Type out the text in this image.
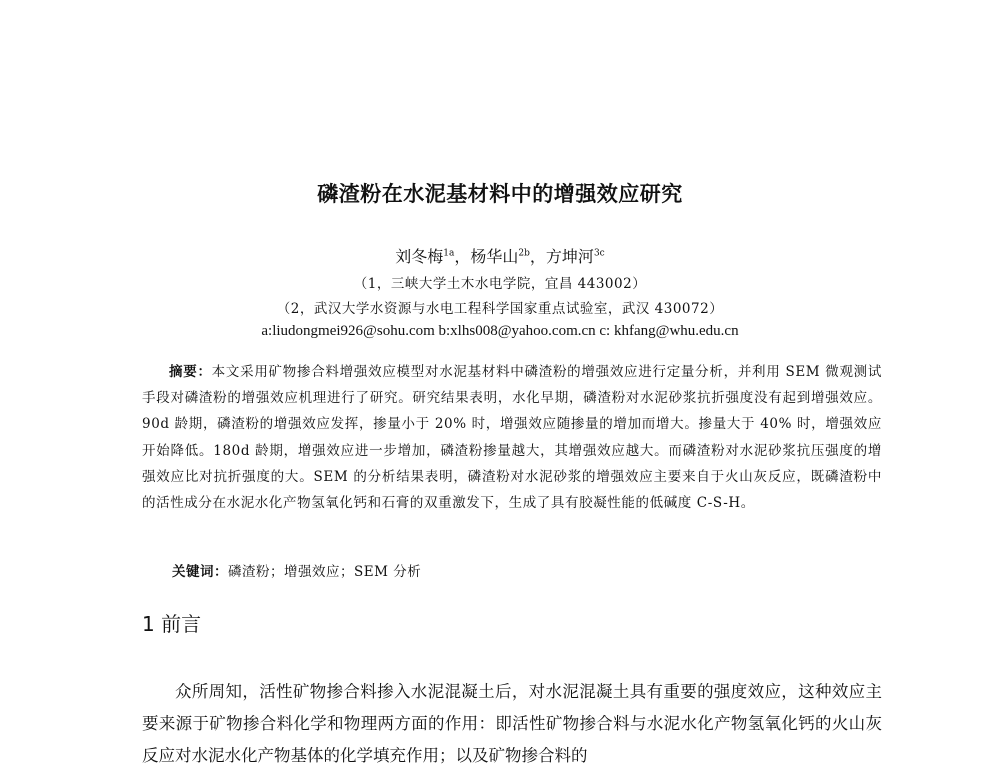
磷渣粉在水泥基材料中的增强效应研究
刘冬梅$^{1a}$，杨华山$^{2b}$，方坤河$^{3c}$
（1，三峡大学土木水电学院，宜昌 443002）
（2，武汉大学水资源与水电工程科学国家重点试验室，武汉 430072）
a:liudongmei926@sohu.com b:xlhs008@yahoo.com.cn c: khfang@whu.edu.cn
摘要：本文采用矿物掺合料增强效应模型对水泥基材料中磷渣粉的增强效应进行定量分析，并利用 SEM 微观测试手段对磷渣粉的增强效应机理进行了研究。研究结果表明，水化早期，磷渣粉对水泥砂浆抗折强度没有起到增强效应。90d 龄期，磷渣粉的增强效应发挥，掺量小于 20% 时，增强效应随掺量的增加而增大。掺量大于 40% 时，增强效应开始降低。180d 龄期，增强效应进一步增加，磷渣粉掺量越大，其增强效应越大。而磷渣粉对水泥砂浆抗压强度的增强效应比对抗折强度的大。SEM 的分析结果表明，磷渣粉对水泥砂浆的增强效应主要来自于火山灰反应，既磷渣粉中的活性成分在水泥水化产物氢氧化钙和石膏的双重激发下，生成了具有胶凝性能的低碱度 C-S-H。
关键词：磷渣粉；增强效应；SEM 分析
1 前言
众所周知，活性矿物掺合料掺入水泥混凝土后，对水泥混凝土具有重要的强度效应，这种效应主要来源于矿物掺合料化学和物理两方面的作用：即活性矿物掺合料与水泥水化产物氢氧化钙的火山灰反应对水泥水化产物基体的化学填充作用；以及矿物掺合料的
